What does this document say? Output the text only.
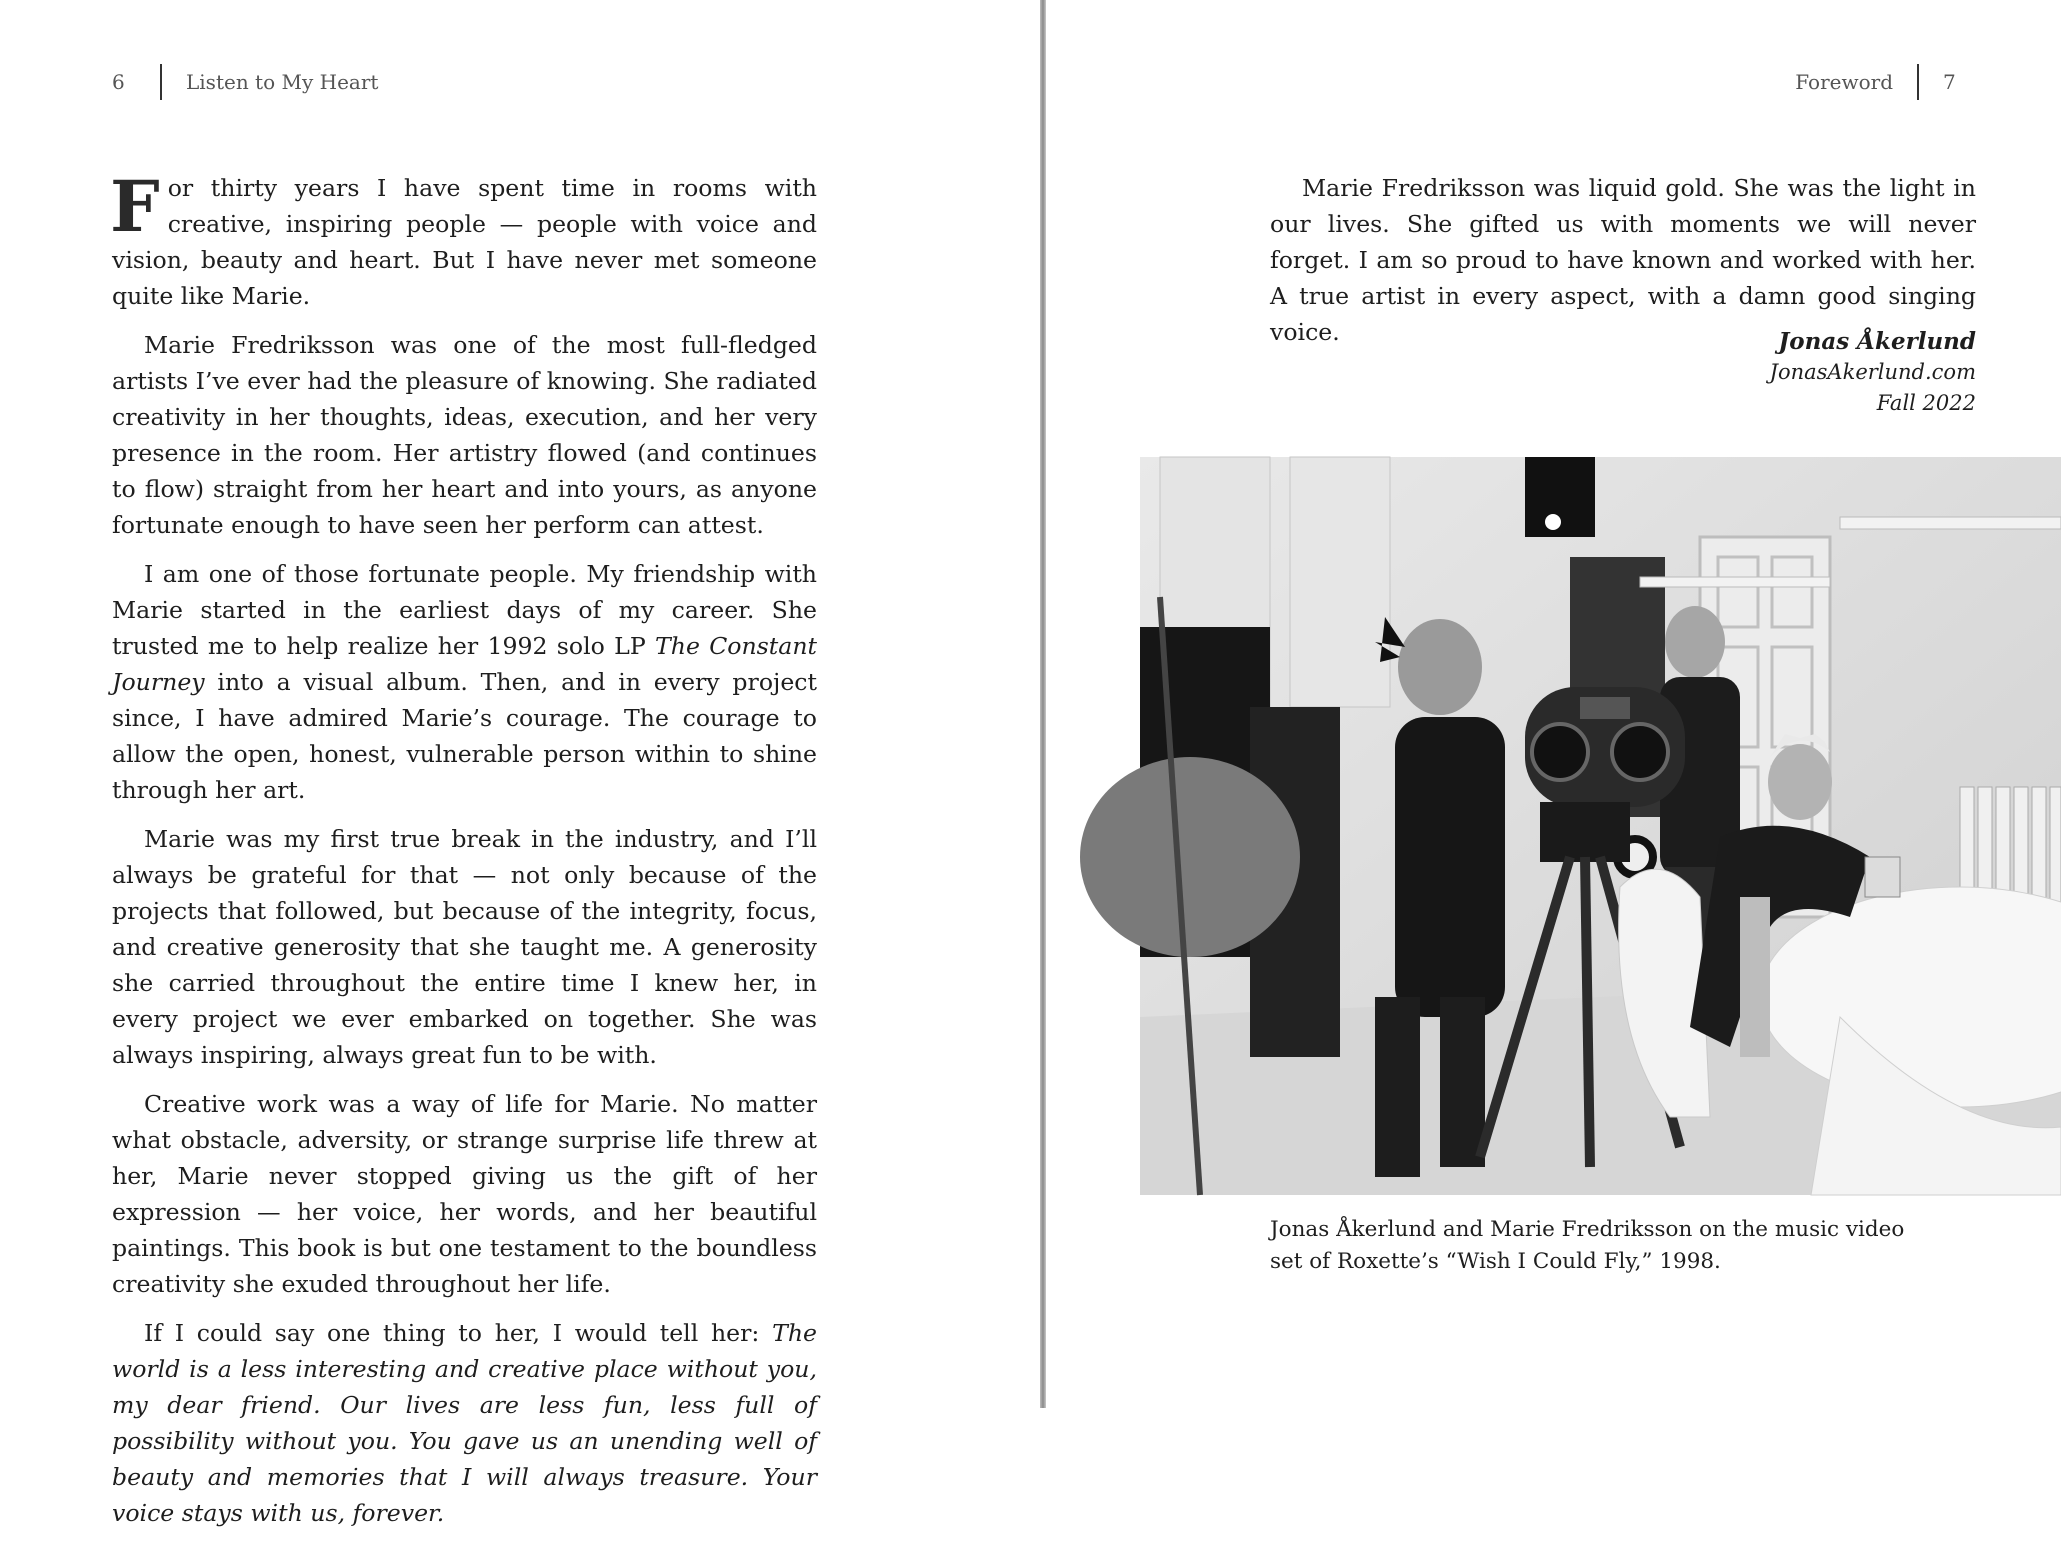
6	Listen to My Heart

For thirty years I have spent time in rooms with creative, inspiring people — people with voice and vision, beauty and heart. But I have never met someone quite like Marie.

Marie Fredriksson was one of the most full-fledged artists I’ve ever had the pleasure of knowing. She radiated creativity in her thoughts, ideas, execution, and her very presence in the room. Her artistry flowed (and continues to flow) straight from her heart and into yours, as anyone fortunate enough to have seen her perform can attest.

I am one of those fortunate people. My friendship with Marie started in the earliest days of my career. She trusted me to help realize her 1992 solo LP The Constant Journey into a visual album. Then, and in every project since, I have admired Marie’s courage. The courage to allow the open, honest, vulnerable person within to shine through her art.

Marie was my first true break in the industry, and I’ll always be grateful for that — not only because of the projects that followed, but because of the integrity, focus, and creative generosity that she taught me. A generosity she carried throughout the entire time I knew her, in every project we ever embarked on together. She was always inspiring, always great fun to be with.

Creative work was a way of life for Marie. No matter what obstacle, adversity, or strange surprise life threw at her, Marie never stopped giving us the gift of her expression — her voice, her words, and her beautiful paintings. This book is but one testament to the boundless creativity she exuded throughout her life.

If I could say one thing to her, I would tell her: The world is a less interesting and creative place without you, my dear friend. Our lives are less fun, less full of possibility without you. You gave us an unending well of beauty and memories that I will always treasure. Your voice stays with us, forever.

Foreword	7

Marie Fredriksson was liquid gold. She was the light in our lives. She gifted us with moments we will never forget. I am so proud to have known and worked with her. A true artist in every aspect, with a damn good singing voice.	Jonas Åkerlund
JonasAkerlund.com
Fall 2022
Jonas Åkerlund and Marie Fredriksson on the music video set of Roxette’s “Wish I Could Fly,” 1998.
